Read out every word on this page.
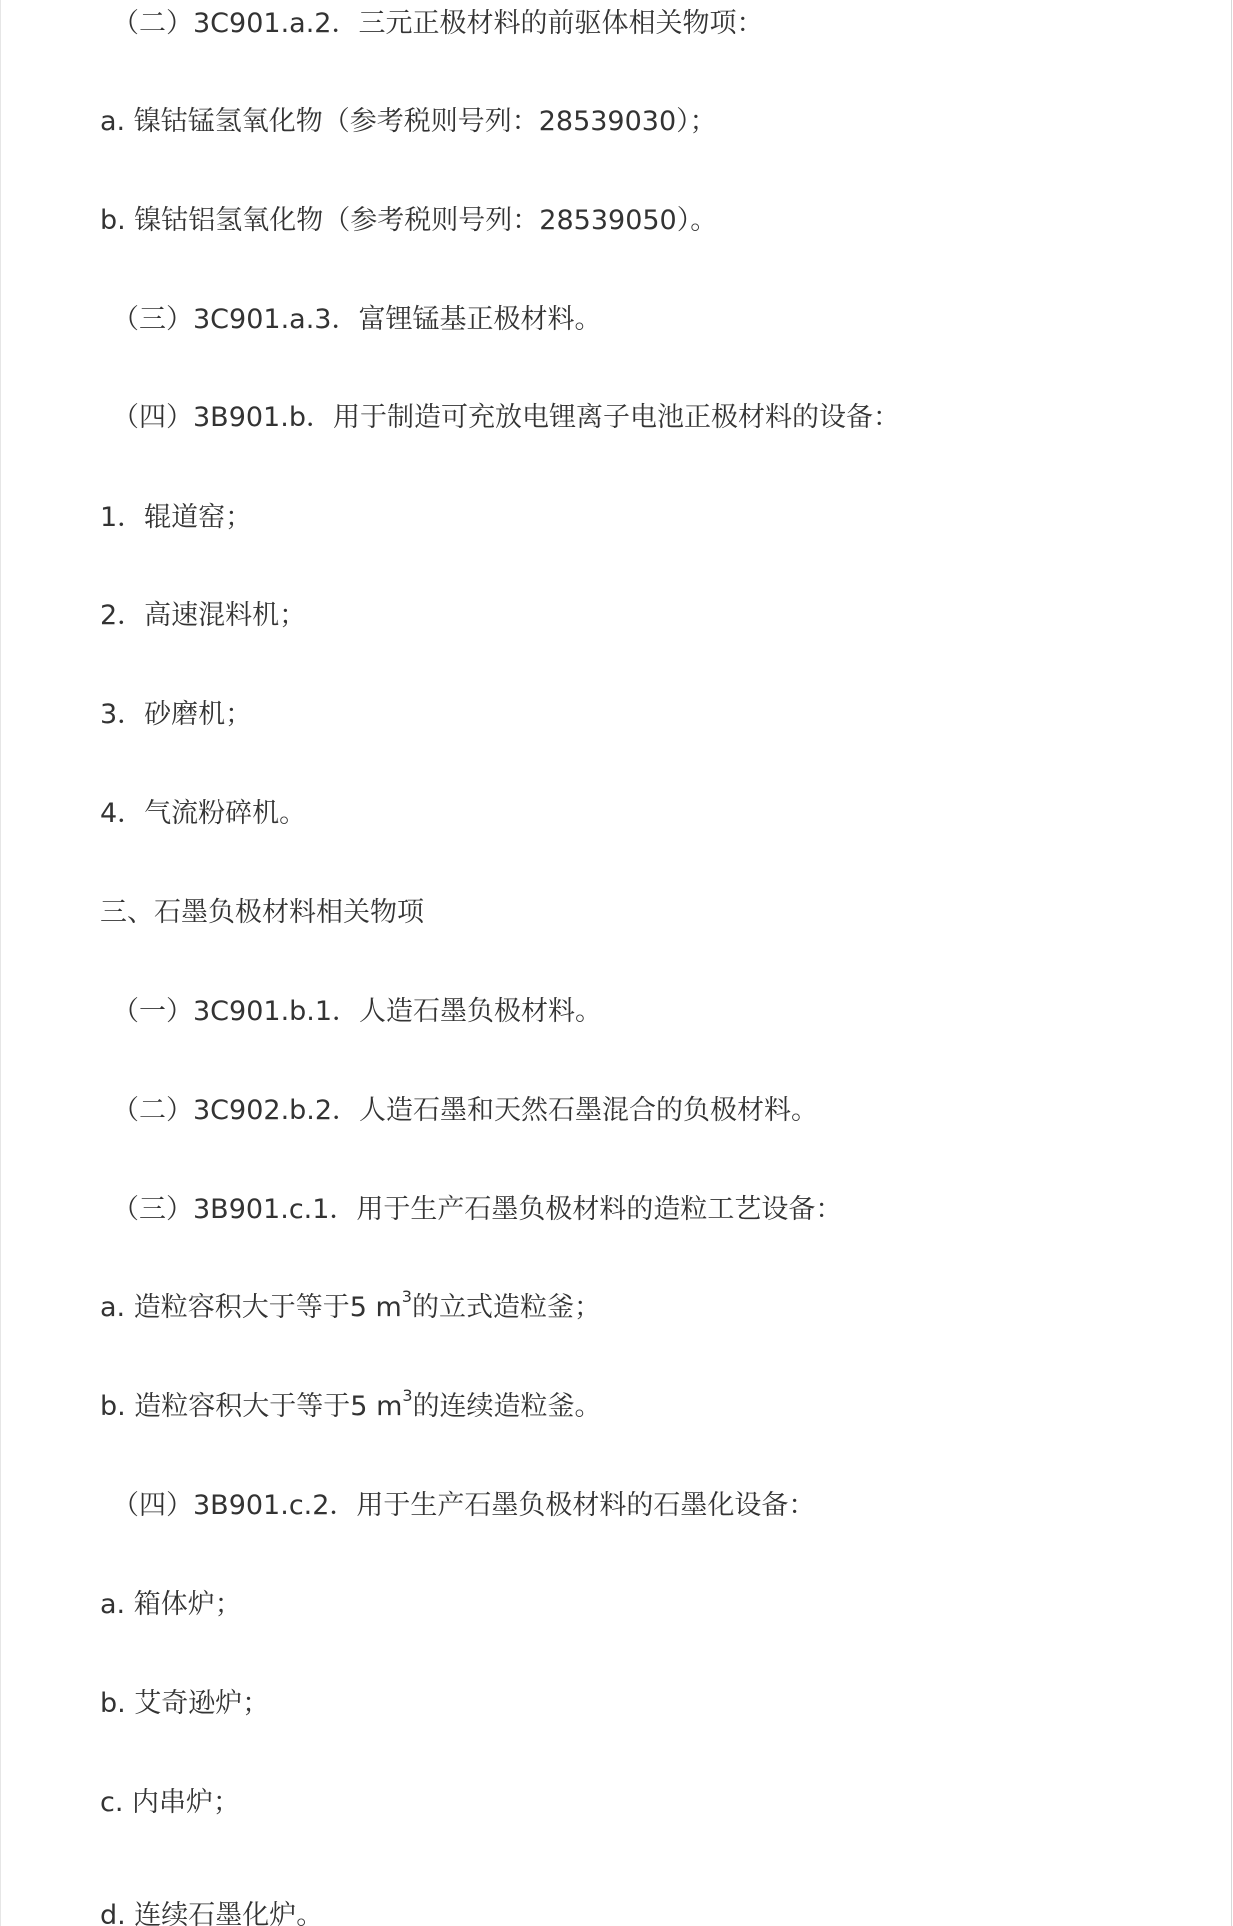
（二）3C901.a.2．三元正极材料的前驱体相关物项：

a. 镍钴锰氢氧化物（参考税则号列：28539030）；

b. 镍钴铝氢氧化物（参考税则号列：28539050）。

（三）3C901.a.3．富锂锰基正极材料。

（四）3B901.b．用于制造可充放电锂离子电池正极材料的设备：

1．辊道窑；

2．高速混料机；

3．砂磨机；

4．气流粉碎机。

三、石墨负极材料相关物项

（一）3C901.b.1．人造石墨负极材料。

（二）3C902.b.2．人造石墨和天然石墨混合的负极材料。

（三）3B901.c.1．用于生产石墨负极材料的造粒工艺设备：

a. 造粒容积大于等于5 $m^3$的立式造粒釜；

b. 造粒容积大于等于5 $m^3$的连续造粒釜。

（四）3B901.c.2．用于生产石墨负极材料的石墨化设备：

a. 箱体炉；

b. 艾奇逊炉；

c. 内串炉；

d. 连续石墨化炉。
